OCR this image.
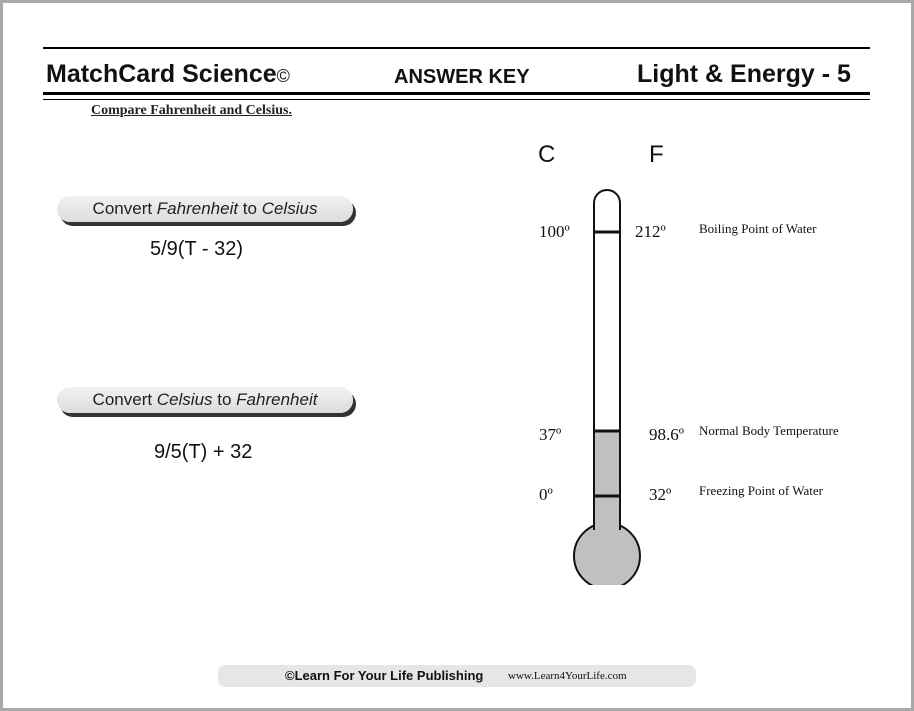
MatchCard Science©	ANSWER KEY	Light & Energy - 5
Compare Fahrenheit and Celsius.
Convert Fahrenheit to Celsius
5/9(T - 32)
Convert Celsius to Fahrenheit
9/5(T) + 32
C	F
100º	212º	Boiling Point of Water
37º	98.6º Normal Body Temperature
0º	32º Freezing Point of Water
©Learn For Your Life Publishing www.Learn4YourLife.com
